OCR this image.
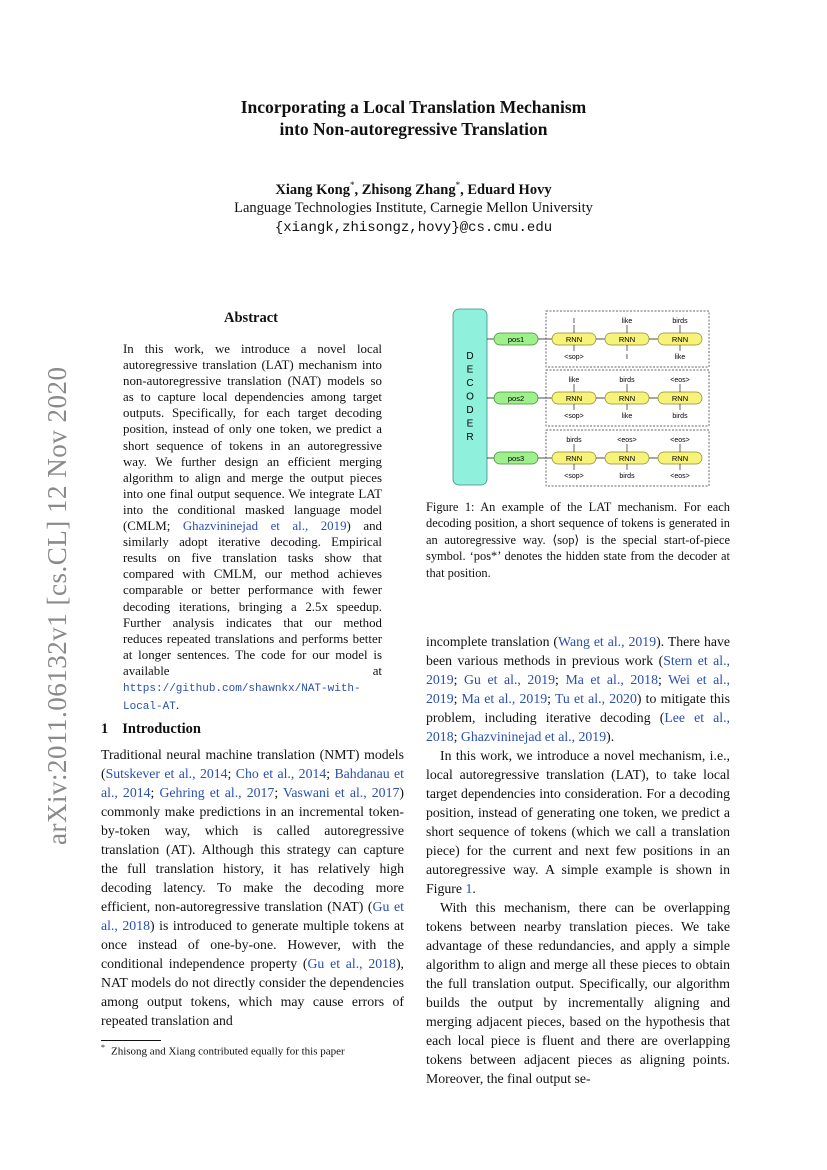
Incorporating a Local Translation Mechanism
into Non-autoregressive Translation
Xiang Kong*, Zhisong Zhang*, Eduard Hovy
Language Technologies Institute, Carnegie Mellon University
{xiangk,zhisongz,hovy}@cs.cmu.edu
arXiv:2011.06132v1 [cs.CL] 12 Nov 2020
Abstract
In this work, we introduce a novel local autoregressive translation (LAT) mechanism into non-autoregressive translation (NAT) models so as to capture local dependencies among target outputs. Specifically, for each target decoding position, instead of only one token, we predict a short sequence of tokens in an autoregressive way. We further design an efficient merging algorithm to align and merge the output pieces into one final output sequence. We integrate LAT into the conditional masked language model (CMLM; Ghazvininejad et al., 2019) and similarly adopt iterative decoding. Empirical results on five translation tasks show that compared with CMLM, our method achieves comparable or better performance with fewer decoding iterations, bringing a 2.5x speedup. Further analysis indicates that our method reduces repeated translations and performs better at longer sentences. The code for our model is available at https://github.com/shawnkx/NAT-with-Local-AT.
D E C O D E R
pos1	RNN
I
<sop>
RNN
like
I
RNN
birds
like
pos2	RNN
like
<sop>
RNN
birds
like
RNN
<eos>
birds
pos3	RNN
birds
<sop>
RNN
<eos>
birds
RNN
<eos>
<eos>
Figure 1: An example of the LAT mechanism. For each decoding position, a short sequence of tokens is generated in an autoregressive way. ⟨sop⟩ is the special start-of-piece symbol. ‘pos*’ denotes the hidden state from the decoder at that position.
1 Introduction

Traditional neural machine translation (NMT) models (Sutskever et al., 2014; Cho et al., 2014; Bahdanau et al., 2014; Gehring et al., 2017; Vaswani et al., 2017) commonly make predictions in an incremental token-by-token way, which is called autoregressive translation (AT). Although this strategy can capture the full translation history, it has relatively high decoding latency. To make the decoding more efficient, non-autoregressive translation (NAT) (Gu et al., 2018) is introduced to generate multiple tokens at once instead of one-by-one. However, with the conditional independence property (Gu et al., 2018), NAT models do not directly consider the dependencies among output tokens, which may cause errors of repeated translation and

incomplete translation (Wang et al., 2019). There have been various methods in previous work (Stern et al., 2019; Gu et al., 2019; Ma et al., 2018; Wei et al., 2019; Ma et al., 2019; Tu et al., 2020) to mitigate this problem, including iterative decoding (Lee et al., 2018; Ghazvininejad et al., 2019).

In this work, we introduce a novel mechanism, i.e., local autoregressive translation (LAT), to take local target dependencies into consideration. For a decoding position, instead of generating one token, we predict a short sequence of tokens (which we call a translation piece) for the current and next few positions in an autoregressive way. A simple example is shown in Figure 1.

With this mechanism, there can be overlapping tokens between nearby translation pieces. We take advantage of these redundancies, and apply a simple algorithm to align and merge all these pieces to obtain the full translation output. Specifically, our algorithm builds the output by incrementally aligning and merging adjacent pieces, based on the hypothesis that each local piece is fluent and there are overlapping tokens between adjacent pieces as aligning points. Moreover, the final output se-

* Zhisong and Xiang contributed equally for this paper
